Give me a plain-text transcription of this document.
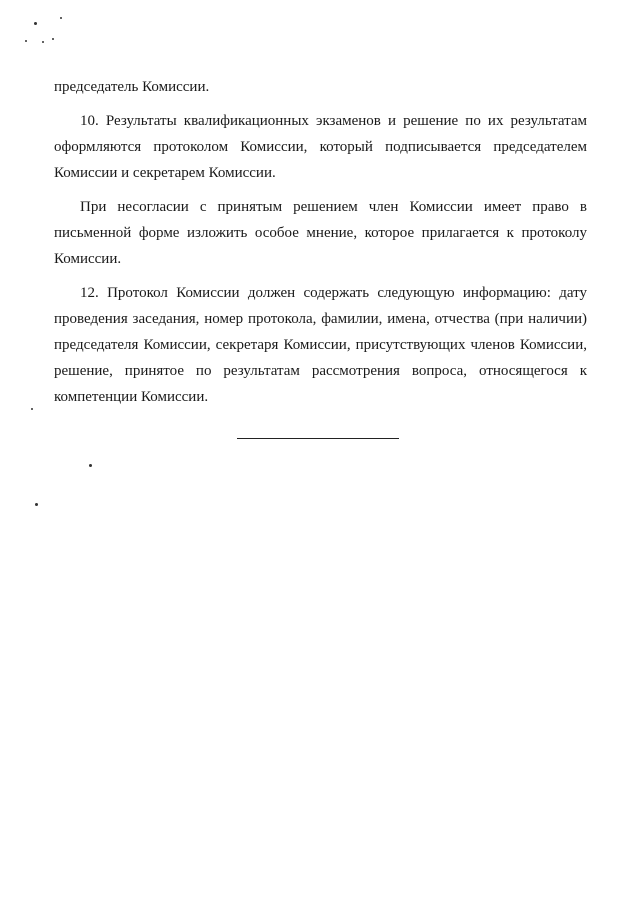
председатель Комиссии.

10. Результаты квалификационных экзаменов и решение по их результатам оформляются протоколом Комиссии, который подписывается председателем Комиссии и секретарем Комиссии.

При несогласии с принятым решением член Комиссии имеет право в письменной форме изложить особое мнение, которое прилагается к протоколу Комиссии.

12. Протокол Комиссии должен содержать следующую информацию: дату проведения заседания, номер протокола, фамилии, имена, отчества (при наличии) председателя Комиссии, секретаря Комиссии, присутствующих членов Комиссии, решение, принятое по результатам рассмотрения вопроса, относящегося к компетенции Комиссии.
